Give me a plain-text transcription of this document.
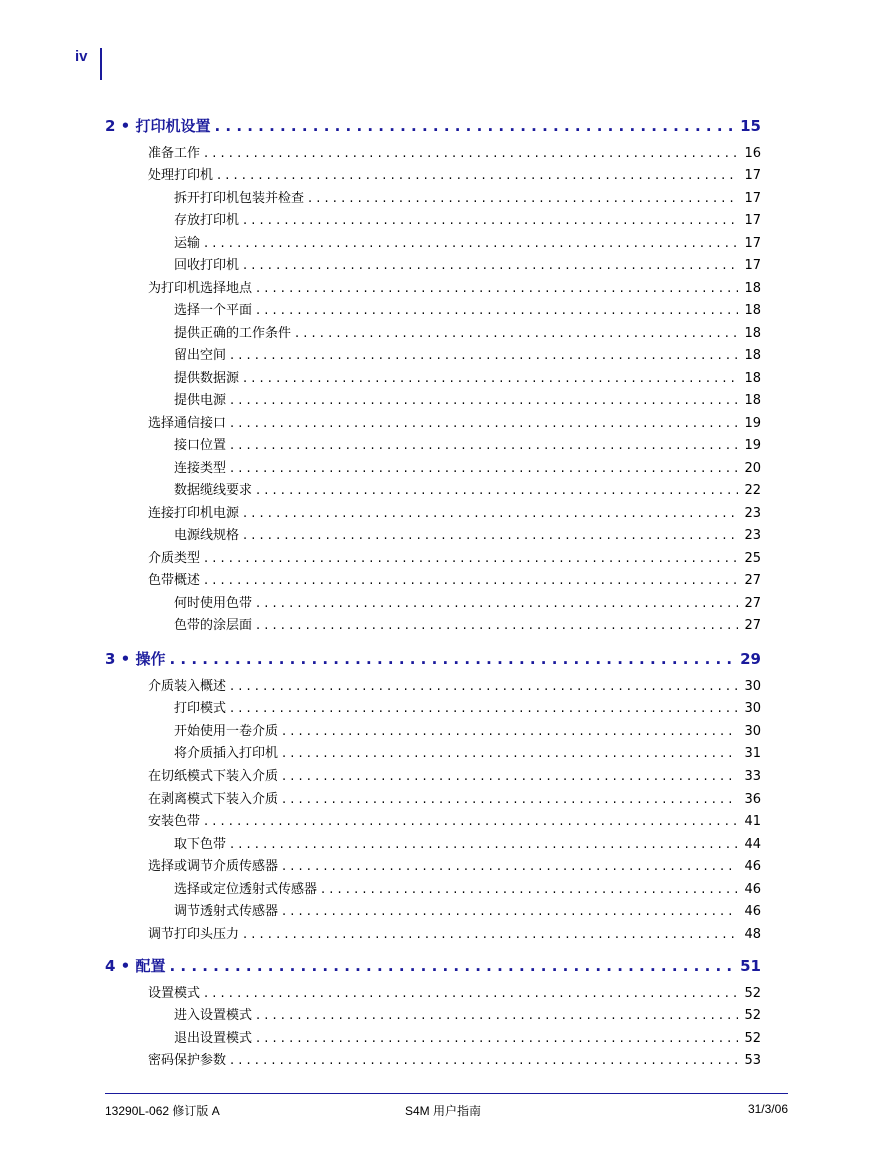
iv
2 • 打印机设置 . . .	15
准备工作 . . .	16
处理打印机 . . .	17
拆开打印机包装并检查 . . .	17
存放打印机 . . .	17
运输 . . .	17
回收打印机 . . .	17
为打印机选择地点 . . .	18
选择一个平面 . . .	18
提供正确的工作条件 . . .	18
留出空间 . . .	18
提供数据源 . . .	18
提供电源 . . .	18
选择通信接口 . . .	19
接口位置 . . .	19
连接类型 . . .	20
数据缆线要求 . . .	22
连接打印机电源 . . .	23
电源线规格 . . .	23
介质类型 . . .	25
色带概述 . . .	27
何时使用色带 . . .	27
色带的涂层面 . . .	27
3 • 操作 . . .	29
介质装入概述 . . .	30
打印模式 . . .	30
开始使用一卷介质 . . .	30
将介质插入打印机 . . .	31
在切纸模式下装入介质 . . .	33
在剥离模式下装入介质 . . .	36
安装色带 . . .	41
取下色带 . . .	44
选择或调节介质传感器 . . .	46
选择或定位透射式传感器 . . .	46
调节透射式传感器 . . .	46
调节打印头压力 . . .	48
4 • 配置 . . .	51
设置模式 . . .	52
进入设置模式 . . .	52
退出设置模式 . . .	52
密码保护参数 . . .	53
13290L-062 修订版 A	S4M 用户指南	31/3/06
